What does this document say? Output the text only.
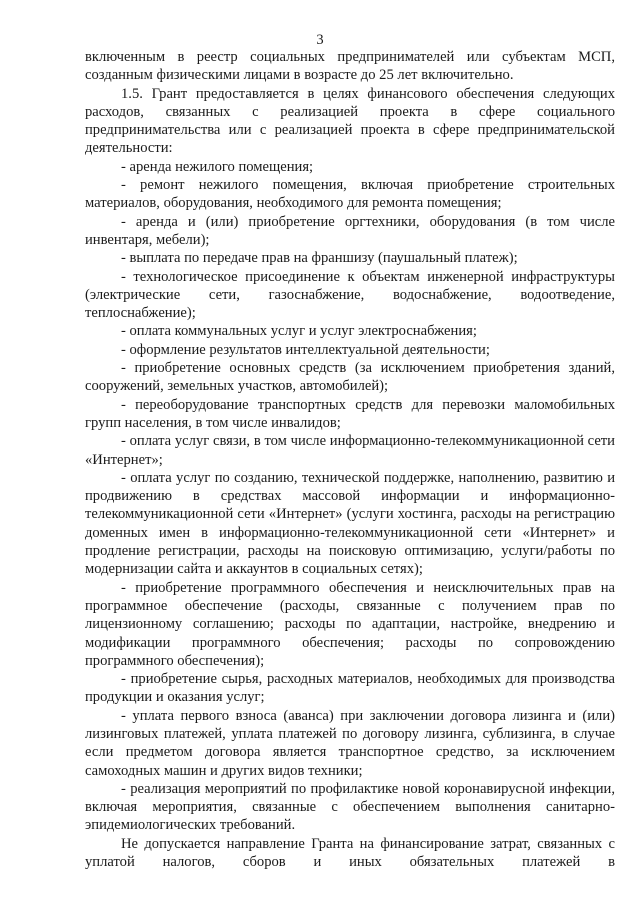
3

включенным в реестр социальных предпринимателей или субъектам МСП, созданным физическими лицами в возрасте до 25 лет включительно.

1.5. Грант предоставляется в целях финансового обеспечения следующих расходов, связанных с реализацией проекта в сфере социального предпринимательства или с реализацией проекта в сфере предпринимательской деятельности:

- аренда нежилого помещения;

- ремонт нежилого помещения, включая приобретение строительных материалов, оборудования, необходимого для ремонта помещения;

- аренда и (или) приобретение оргтехники, оборудования (в том числе инвентаря, мебели);

- выплата по передаче прав на франшизу (паушальный платеж);

- технологическое присоединение к объектам инженерной инфраструктуры (электрические сети, газоснабжение, водоснабжение, водоотведение, теплоснабжение);

- оплата коммунальных услуг и услуг электроснабжения;

- оформление результатов интеллектуальной деятельности;

- приобретение основных средств (за исключением приобретения зданий, сооружений, земельных участков, автомобилей);

- переоборудование транспортных средств для перевозки маломобильных групп населения, в том числе инвалидов;

- оплата услуг связи, в том числе информационно-телекоммуникационной сети «Интернет»;

- оплата услуг по созданию, технической поддержке, наполнению, развитию и продвижению в средствах массовой информации и информационно-телекоммуникационной сети «Интернет» (услуги хостинга, расходы на регистрацию доменных имен в информационно-телекоммуникационной сети «Интернет» и продление регистрации, расходы на поисковую оптимизацию, услуги/работы по модернизации сайта и аккаунтов в социальных сетях);

- приобретение программного обеспечения и неисключительных прав на программное обеспечение (расходы, связанные с получением прав по лицензионному соглашению; расходы по адаптации, настройке, внедрению и модификации программного обеспечения; расходы по сопровождению программного обеспечения);

- приобретение сырья, расходных материалов, необходимых для производства продукции и оказания услуг;

- уплата первого взноса (аванса) при заключении договора лизинга и (или) лизинговых платежей, уплата платежей по договору лизинга, сублизинга, в случае если предметом договора является транспортное средство, за исключением самоходных машин и других видов техники;

- реализация мероприятий по профилактике новой коронавирусной инфекции, включая мероприятия, связанные с обеспечением выполнения санитарно-эпидемиологических требований.

Не допускается направление Гранта на финансирование затрат, связанных с уплатой налогов, сборов и иных обязательных платежей в
